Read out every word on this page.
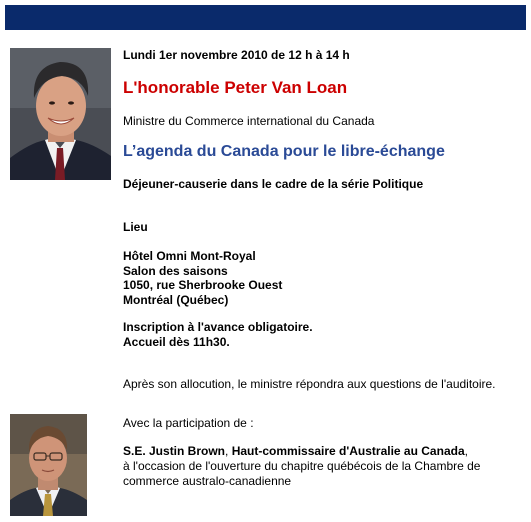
Lundi 1er novembre 2010 de 12 h à 14 h
L'honorable Peter Van Loan
Ministre du Commerce international du Canada
L’agenda du Canada pour le libre-échange
Déjeuner-causerie dans le cadre de la série Politique
Lieu
Hôtel Omni Mont-Royal
Salon des saisons
1050, rue Sherbrooke Ouest
Montréal (Québec)
Inscription à l'avance obligatoire.
Accueil dès 11h30.
Après son allocution, le ministre répondra aux questions de l'auditoire.
Avec la participation de :
S.E. Justin Brown, Haut-commissaire d'Australie au Canada,
à l'occasion de l'ouverture du chapitre québécois de la Chambre de commerce australo-canadienne
